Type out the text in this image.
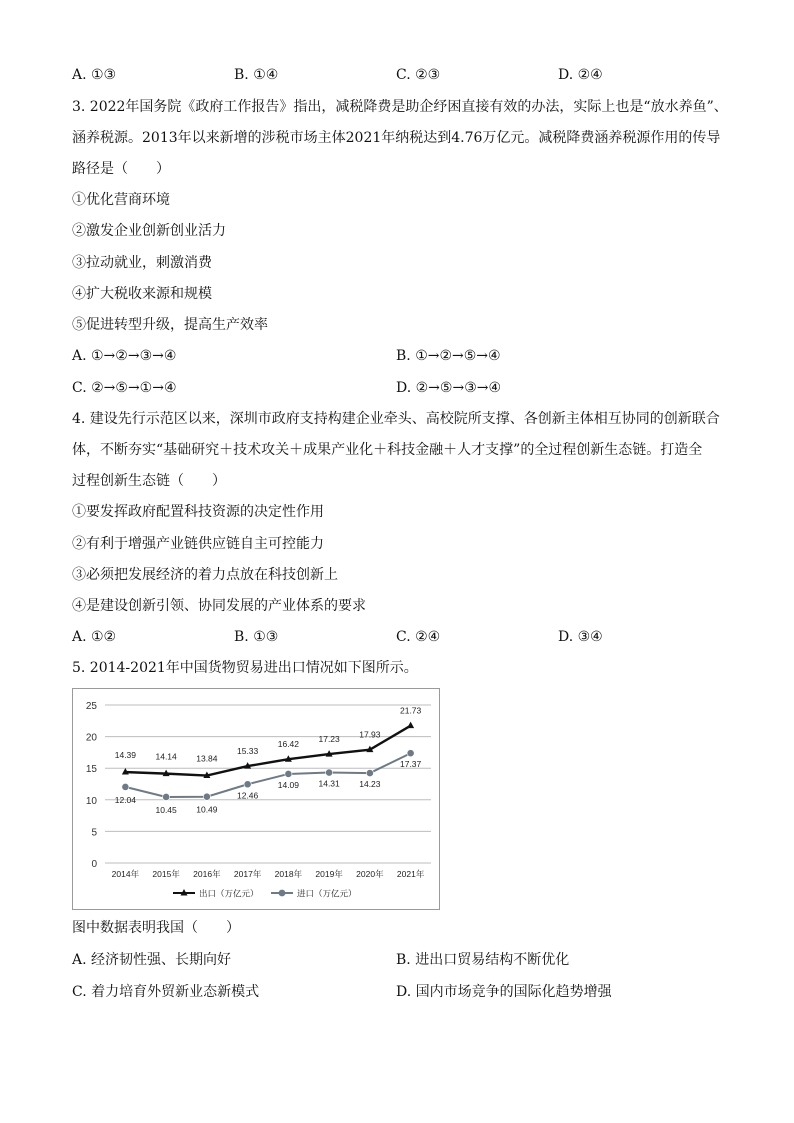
A. ①③	B. ①④	C. ②③	D. ②④
3. 2022年国务院《政府工作报告》指出，减税降费是助企纾困直接有效的办法，实际上也是“放水养鱼”、
涵养税源。2013年以来新增的涉税市场主体2021年纳税达到4.76万亿元。减税降费涵养税源作用的传导
路径是（　　）
①优化营商环境
②激发企业创新创业活力
③拉动就业，刺激消费
④扩大税收来源和规模
⑤促进转型升级，提高生产效率
A. ①→②→③→④	B. ①→②→⑤→④
C. ②→⑤→①→④	D. ②→⑤→③→④
4. 建设先行示范区以来，深圳市政府支持构建企业牵头、高校院所支撑、各创新主体相互协同的创新联合
体，不断夯实“基础研究＋技术攻关＋成果产业化＋科技金融＋人才支撑”的全过程创新生态链。打造全
过程创新生态链（　　）
①要发挥政府配置科技资源的决定性作用
②有利于增强产业链供应链自主可控能力
③必须把发展经济的着力点放在科技创新上
④是建设创新引领、协同发展的产业体系的要求
A. ①②	B. ①③	C. ②④	D. ③④
5. 2014-2021年中国货物贸易进出口情况如下图所示。
0
5
10
15
20
25
2014年 2015年 2016年 2017年 2018年 2019年 2020年 2021年
14.39 14.14 13.84
15.33
16.42
17.23 17.93
21.73
12.04
10.45 10.49
12.46
14.09 14.31 14.23
17.37
出口（万亿元）	进口（万亿元）
图中数据表明我国（　　）
A. 经济韧性强、长期向好	B. 进出口贸易结构不断优化
C. 着力培育外贸新业态新模式	D. 国内市场竞争的国际化趋势增强
